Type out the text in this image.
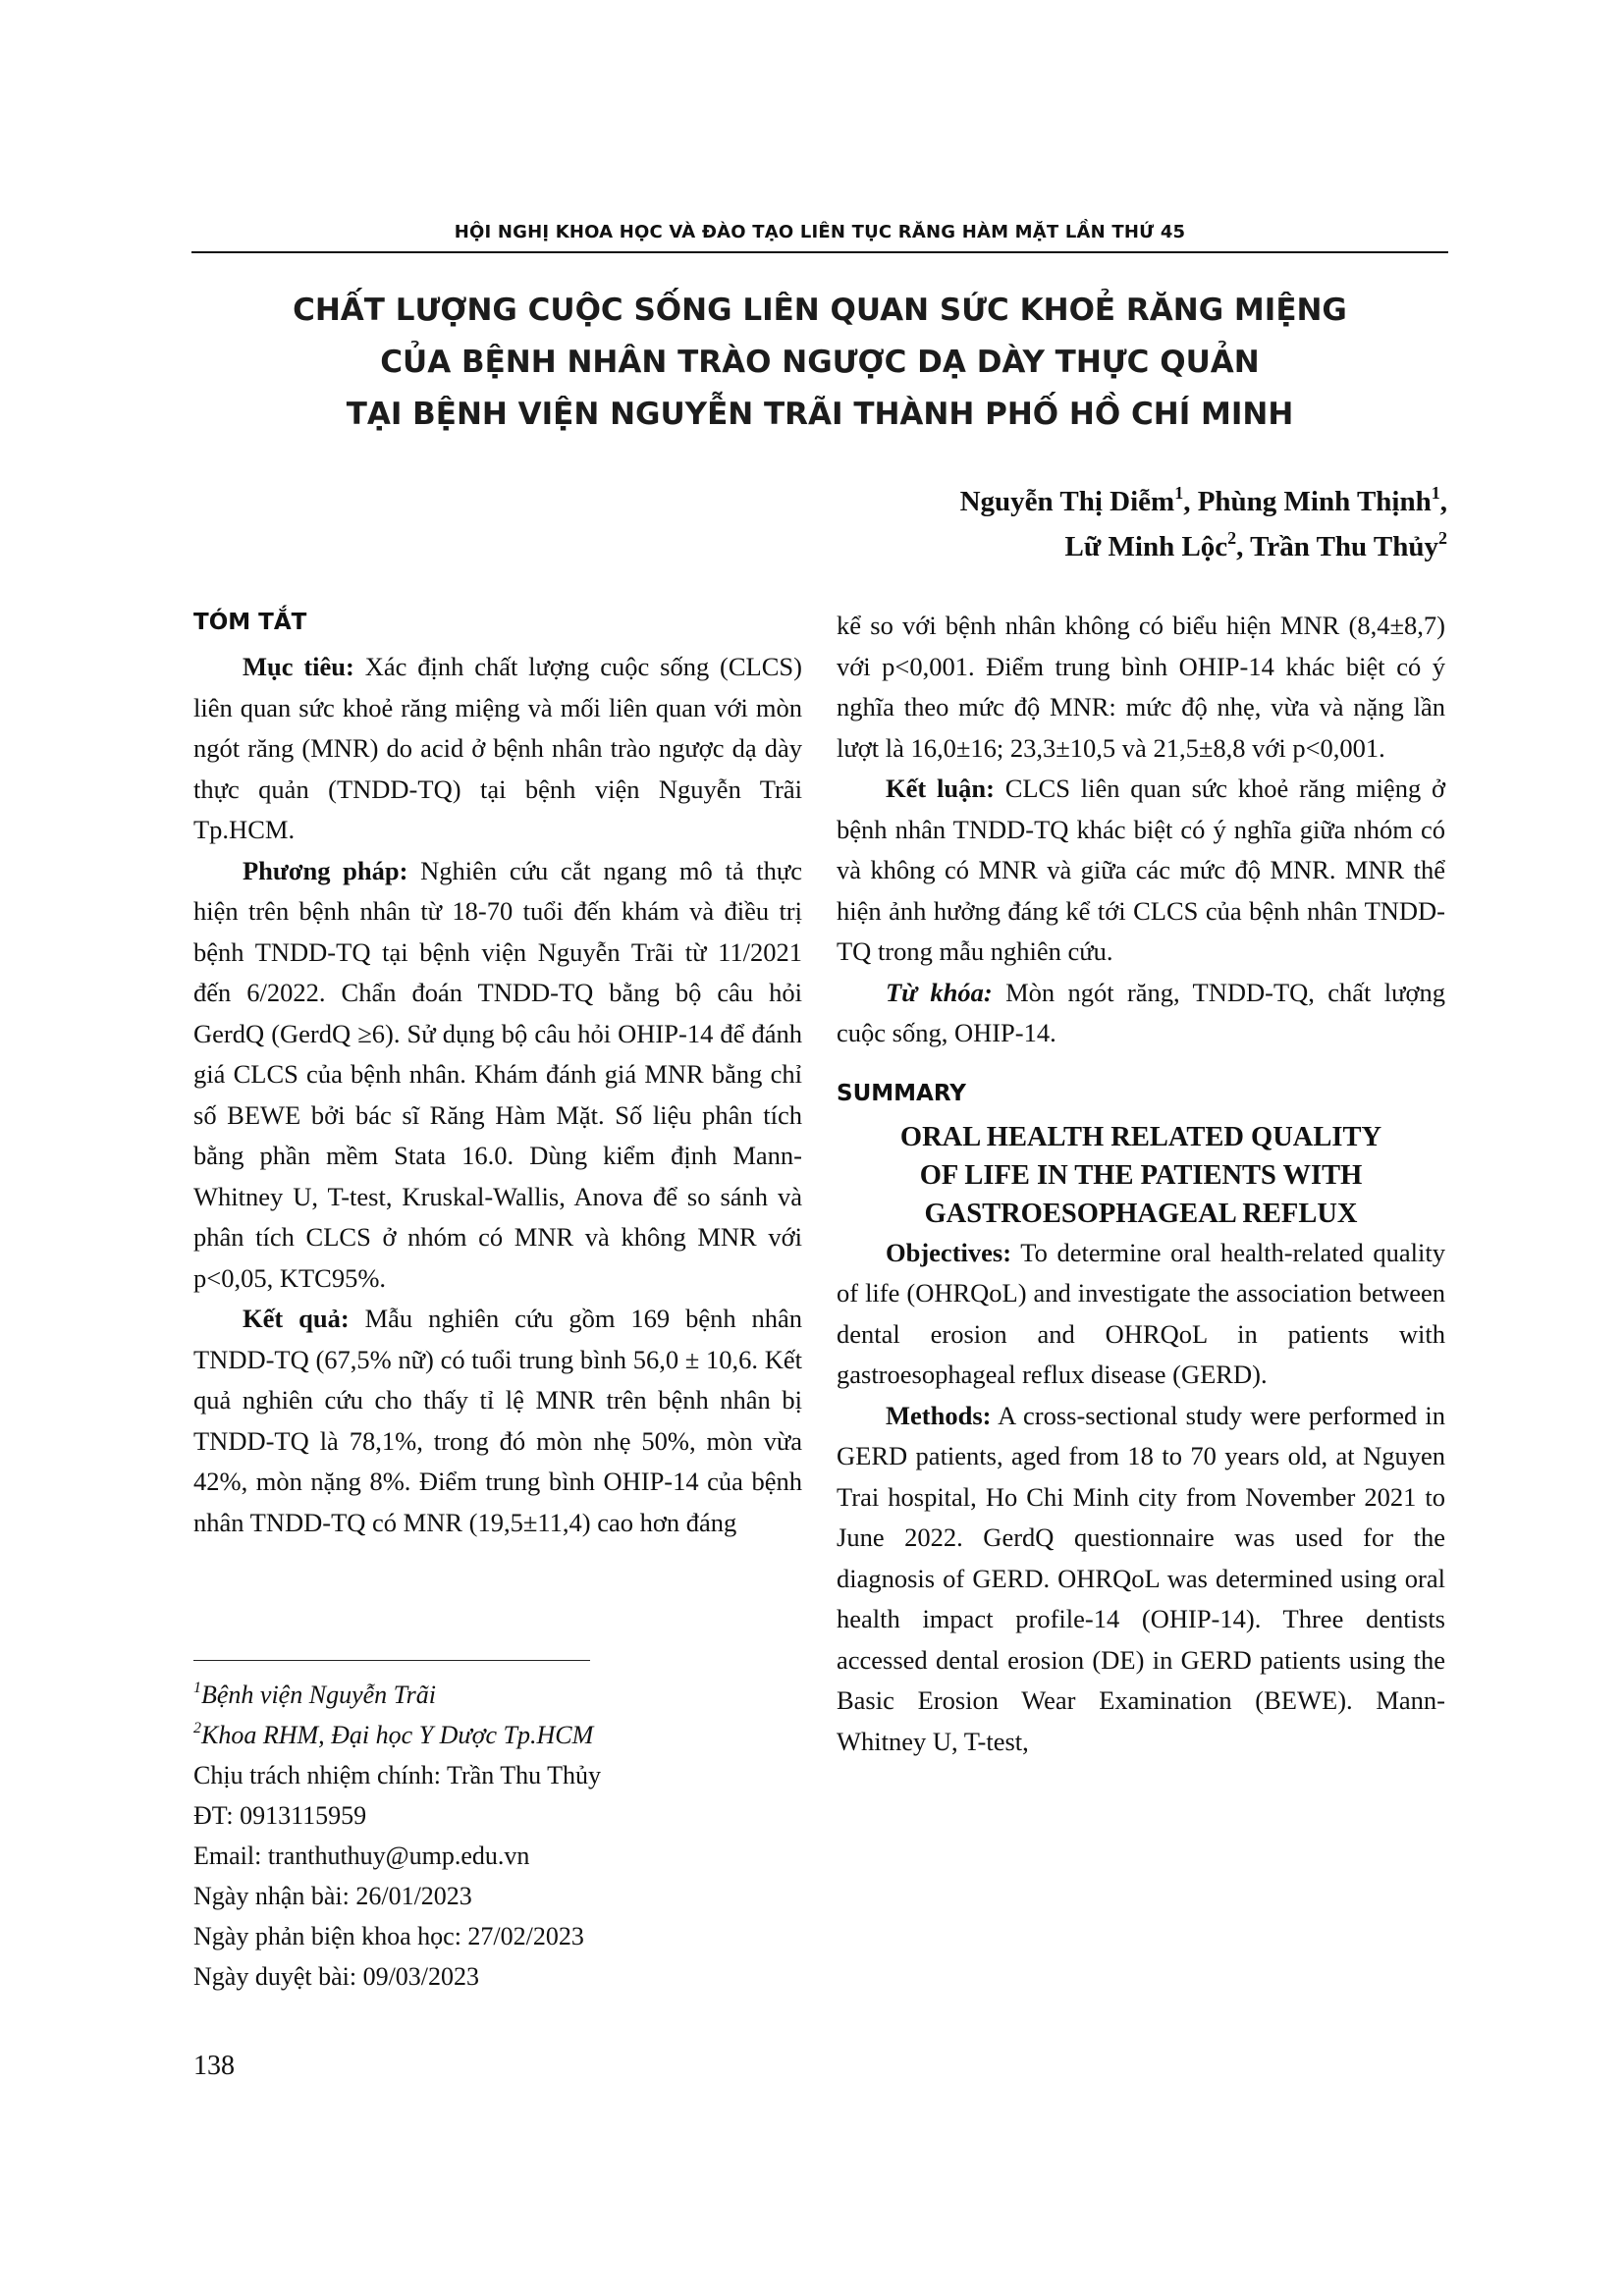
HỘI NGHỊ KHOA HỌC VÀ ĐÀO TẠO LIÊN TỤC RĂNG HÀM MẶT LẦN THỨ 45
CHẤT LƯỢNG CUỘC SỐNG LIÊN QUAN SỨC KHOẺ RĂNG MIỆNG
CỦA BỆNH NHÂN TRÀO NGƯỢC DẠ DÀY THỰC QUẢN
TẠI BỆNH VIỆN NGUYỄN TRÃI THÀNH PHỐ HỒ CHÍ MINH
Nguyễn Thị Diễm$^1$, Phùng Minh Thịnh$^1$,
Lữ Minh Lộc$^2$, Trần Thu Thủy$^2$
TÓM TẮT

Mục tiêu: Xác định chất lượng cuộc sống (CLCS) liên quan sức khoẻ răng miệng và mối liên quan với mòn ngót răng (MNR) do acid ở bệnh nhân trào ngược dạ dày thực quản (TNDD-TQ) tại bệnh viện Nguyễn Trãi Tp.HCM.

Phương pháp: Nghiên cứu cắt ngang mô tả thực hiện trên bệnh nhân từ 18-70 tuổi đến khám và điều trị bệnh TNDD-TQ tại bệnh viện Nguyễn Trãi từ 11/2021 đến 6/2022. Chẩn đoán TNDD-TQ bằng bộ câu hỏi GerdQ (GerdQ ≥6). Sử dụng bộ câu hỏi OHIP-14 để đánh giá CLCS của bệnh nhân. Khám đánh giá MNR bằng chỉ số BEWE bởi bác sĩ Răng Hàm Mặt. Số liệu phân tích bằng phần mềm Stata 16.0. Dùng kiểm định Mann-Whitney U, T-test, Kruskal-Wallis, Anova để so sánh và phân tích CLCS ở nhóm có MNR và không MNR với p<0,05, KTC95%.

Kết quả: Mẫu nghiên cứu gồm 169 bệnh nhân TNDD-TQ (67,5% nữ) có tuổi trung bình 56,0 ± 10,6. Kết quả nghiên cứu cho thấy tỉ lệ MNR trên bệnh nhân bị TNDD-TQ là 78,1%, trong đó mòn nhẹ 50%, mòn vừa 42%, mòn nặng 8%. Điểm trung bình OHIP-14 của bệnh nhân TNDD-TQ có MNR (19,5±11,4) cao hơn đáng

$^1$Bệnh viện Nguyễn Trãi
$^2$Khoa RHM, Đại học Y Dược Tp.HCM
Chịu trách nhiệm chính: Trần Thu Thủy
ĐT: 0913115959
Email: tranthuthuy@ump.edu.vn
Ngày nhận bài: 26/01/2023
Ngày phản biện khoa học: 27/02/2023
Ngày duyệt bài: 09/03/2023

kể so với bệnh nhân không có biểu hiện MNR (8,4±8,7) với p<0,001. Điểm trung bình OHIP-14 khác biệt có ý nghĩa theo mức độ MNR: mức độ nhẹ, vừa và nặng lần lượt là 16,0±16; 23,3±10,5 và 21,5±8,8 với p<0,001.

Kết luận: CLCS liên quan sức khoẻ răng miệng ở bệnh nhân TNDD-TQ khác biệt có ý nghĩa giữa nhóm có và không có MNR và giữa các mức độ MNR. MNR thể hiện ảnh hưởng đáng kể tới CLCS của bệnh nhân TNDD-TQ trong mẫu nghiên cứu.

Từ khóa: Mòn ngót răng, TNDD-TQ, chất lượng cuộc sống, OHIP-14.

SUMMARY
ORAL HEALTH RELATED QUALITY
OF LIFE IN THE PATIENTS WITH
GASTROESOPHAGEAL REFLUX

Objectives: To determine oral health-related quality of life (OHRQoL) and investigate the association between dental erosion and OHRQoL in patients with gastroesophageal reflux disease (GERD).

Methods: A cross-sectional study were performed in GERD patients, aged from 18 to 70 years old, at Nguyen Trai hospital, Ho Chi Minh city from November 2021 to June 2022. GerdQ questionnaire was used for the diagnosis of GERD. OHRQoL was determined using oral health impact profile-14 (OHIP-14). Three dentists accessed dental erosion (DE) in GERD patients using the Basic Erosion Wear Examination (BEWE). Mann-Whitney U, T-test,

138
